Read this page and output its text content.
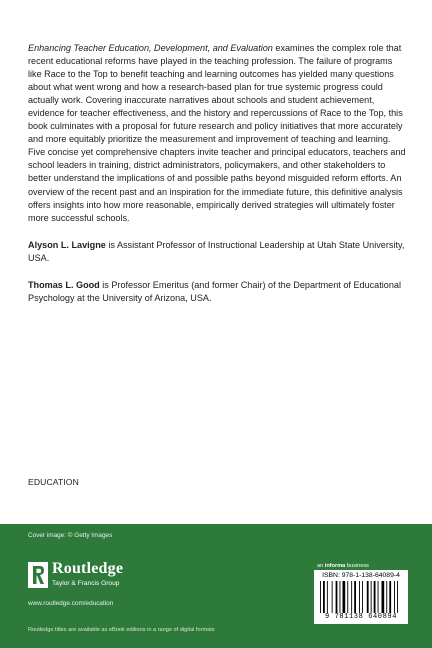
Enhancing Teacher Education, Development, and Evaluation examines the complex role that recent educational reforms have played in the teaching profession. The failure of programs like Race to the Top to benefit teaching and learning outcomes has yielded many questions about what went wrong and how a research-based plan for true systemic progress could actually work. Covering inaccurate narratives about schools and student achievement, evidence for teacher effectiveness, and the history and repercussions of Race to the Top, this book culminates with a proposal for future research and policy initiatives that more accurately and more equitably prioritize the measurement and improvement of teaching and learning. Five concise yet comprehensive chapters invite teacher and principal educators, teachers and school leaders in training, district administrators, policymakers, and other stakeholders to better understand the implications of and possible paths beyond misguided reform efforts. An overview of the recent past and an inspiration for the immediate future, this definitive analysis offers insights into how more reasonable, empirically derived strategies will ultimately foster more successful schools.

Alyson L. Lavigne is Assistant Professor of Instructional Leadership at Utah State University, USA.

Thomas L. Good is Professor Emeritus (and former Chair) of the Department of Educational Psychology at the University of Arizona, USA.

EDUCATION
Cover image: © Getty Images
Routledge
Taylor & Francis Group
www.routledge.com/education
Routledge titles are available as eBook editions in a range of digital formats
an informa business
ISBN: 978-1-138-64089-4
9 781138 640894
